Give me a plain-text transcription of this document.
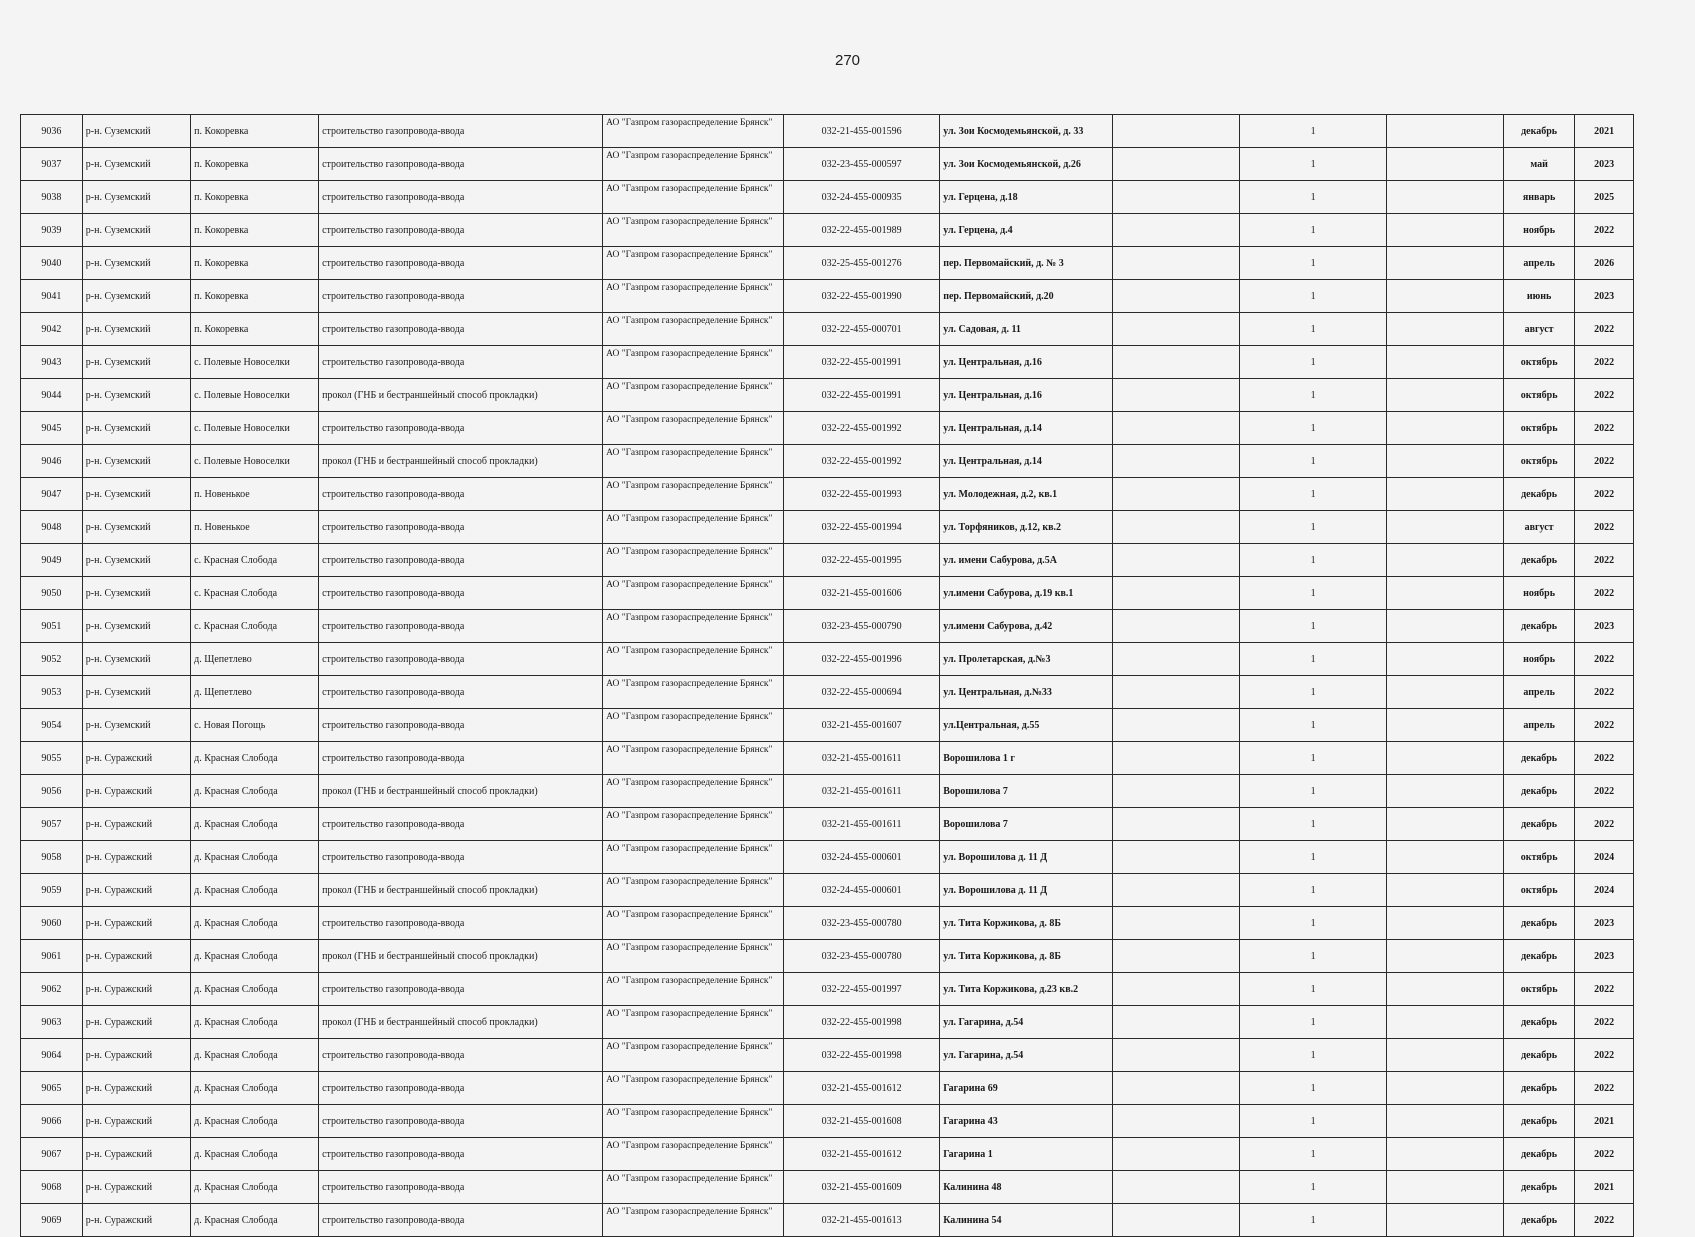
270
9036	р-н. Суземский	п. Кокоревка	строительство газопровода-ввода	АО "Газпром газораспределение Брянск"	032-21-455-001596	ул. Зои Космодемьянской, д. 33		1		декабрь	2021
9037	р-н. Суземский	п. Кокоревка	строительство газопровода-ввода	АО "Газпром газораспределение Брянск"	032-23-455-000597	ул. Зои Космодемьянской, д.26		1		май	2023
9038	р-н. Суземский	п. Кокоревка	строительство газопровода-ввода	АО "Газпром газораспределение Брянск"	032-24-455-000935	ул. Герцена, д.18		1		январь	2025
9039	р-н. Суземский	п. Кокоревка	строительство газопровода-ввода	АО "Газпром газораспределение Брянск"	032-22-455-001989	ул. Герцена, д.4		1		ноябрь	2022
9040	р-н. Суземский	п. Кокоревка	строительство газопровода-ввода	АО "Газпром газораспределение Брянск"	032-25-455-001276	пер. Первомайский, д. № 3		1		апрель	2026
9041	р-н. Суземский	п. Кокоревка	строительство газопровода-ввода	АО "Газпром газораспределение Брянск"	032-22-455-001990	пер. Первомайский, д.20		1		июнь	2023
9042	р-н. Суземский	п. Кокоревка	строительство газопровода-ввода	АО "Газпром газораспределение Брянск"	032-22-455-000701	ул. Садовая, д. 11		1		август	2022
9043	р-н. Суземский	с. Полевые Новоселки	строительство газопровода-ввода	АО "Газпром газораспределение Брянск"	032-22-455-001991	ул. Центральная, д.16		1		октябрь	2022
9044	р-н. Суземский	с. Полевые Новоселки	прокол (ГНБ и бестраншейный способ прокладки)	АО "Газпром газораспределение Брянск"	032-22-455-001991	ул. Центральная, д.16		1		октябрь	2022
9045	р-н. Суземский	с. Полевые Новоселки	строительство газопровода-ввода	АО "Газпром газораспределение Брянск"	032-22-455-001992	ул. Центральная, д.14		1		октябрь	2022
9046	р-н. Суземский	с. Полевые Новоселки	прокол (ГНБ и бестраншейный способ прокладки)	АО "Газпром газораспределение Брянск"	032-22-455-001992	ул. Центральная, д.14		1		октябрь	2022
9047	р-н. Суземский	п. Новенькое	строительство газопровода-ввода	АО "Газпром газораспределение Брянск"	032-22-455-001993	ул. Молодежная, д.2, кв.1		1		декабрь	2022
9048	р-н. Суземский	п. Новенькое	строительство газопровода-ввода	АО "Газпром газораспределение Брянск"	032-22-455-001994	ул. Торфяников, д.12, кв.2		1		август	2022
9049	р-н. Суземский	с. Красная Слобода	строительство газопровода-ввода	АО "Газпром газораспределение Брянск"	032-22-455-001995	ул. имени Сабурова, д.5А		1		декабрь	2022
9050	р-н. Суземский	с. Красная Слобода	строительство газопровода-ввода	АО "Газпром газораспределение Брянск"	032-21-455-001606	ул.имени Сабурова, д.19 кв.1		1		ноябрь	2022
9051	р-н. Суземский	с. Красная Слобода	строительство газопровода-ввода	АО "Газпром газораспределение Брянск"	032-23-455-000790	ул.имени Сабурова, д.42		1		декабрь	2023
9052	р-н. Суземский	д. Щепетлево	строительство газопровода-ввода	АО "Газпром газораспределение Брянск"	032-22-455-001996	ул. Пролетарская, д.№3		1		ноябрь	2022
9053	р-н. Суземский	д. Щепетлево	строительство газопровода-ввода	АО "Газпром газораспределение Брянск"	032-22-455-000694	ул. Центральная, д.№33		1		апрель	2022
9054	р-н. Суземский	с. Новая Погощь	строительство газопровода-ввода	АО "Газпром газораспределение Брянск"	032-21-455-001607	ул.Центральная, д.55		1		апрель	2022
9055	р-н. Суражский	д. Красная Слобода	строительство газопровода-ввода	АО "Газпром газораспределение Брянск"	032-21-455-001611	Ворошилова 1 г		1		декабрь	2022
9056	р-н. Суражский	д. Красная Слобода	прокол (ГНБ и бестраншейный способ прокладки)	АО "Газпром газораспределение Брянск"	032-21-455-001611	Ворошилова 7		1		декабрь	2022
9057	р-н. Суражский	д. Красная Слобода	строительство газопровода-ввода	АО "Газпром газораспределение Брянск"	032-21-455-001611	Ворошилова 7		1		декабрь	2022
9058	р-н. Суражский	д. Красная Слобода	строительство газопровода-ввода	АО "Газпром газораспределение Брянск"	032-24-455-000601	ул. Ворошилова д. 11 Д		1		октябрь	2024
9059	р-н. Суражский	д. Красная Слобода	прокол (ГНБ и бестраншейный способ прокладки)	АО "Газпром газораспределение Брянск"	032-24-455-000601	ул. Ворошилова д. 11 Д		1		октябрь	2024
9060	р-н. Суражский	д. Красная Слобода	строительство газопровода-ввода	АО "Газпром газораспределение Брянск"	032-23-455-000780	ул. Тита Коржикова, д. 8Б		1		декабрь	2023
9061	р-н. Суражский	д. Красная Слобода	прокол (ГНБ и бестраншейный способ прокладки)	АО "Газпром газораспределение Брянск"	032-23-455-000780	ул. Тита Коржикова, д. 8Б		1		декабрь	2023
9062	р-н. Суражский	д. Красная Слобода	строительство газопровода-ввода	АО "Газпром газораспределение Брянск"	032-22-455-001997	ул. Тита Коржикова, д.23 кв.2		1		октябрь	2022
9063	р-н. Суражский	д. Красная Слобода	прокол (ГНБ и бестраншейный способ прокладки)	АО "Газпром газораспределение Брянск"	032-22-455-001998	ул. Гагарина, д.54		1		декабрь	2022
9064	р-н. Суражский	д. Красная Слобода	строительство газопровода-ввода	АО "Газпром газораспределение Брянск"	032-22-455-001998	ул. Гагарина, д.54		1		декабрь	2022
9065	р-н. Суражский	д. Красная Слобода	строительство газопровода-ввода	АО "Газпром газораспределение Брянск"	032-21-455-001612	Гагарина 69		1		декабрь	2022
9066	р-н. Суражский	д. Красная Слобода	строительство газопровода-ввода	АО "Газпром газораспределение Брянск"	032-21-455-001608	Гагарина 43		1		декабрь	2021
9067	р-н. Суражский	д. Красная Слобода	строительство газопровода-ввода	АО "Газпром газораспределение Брянск"	032-21-455-001612	Гагарина 1		1		декабрь	2022
9068	р-н. Суражский	д. Красная Слобода	строительство газопровода-ввода	АО "Газпром газораспределение Брянск"	032-21-455-001609	Калинина 48		1		декабрь	2021
9069	р-н. Суражский	д. Красная Слобода	строительство газопровода-ввода	АО "Газпром газораспределение Брянск"	032-21-455-001613	Калинина 54		1		декабрь	2022
